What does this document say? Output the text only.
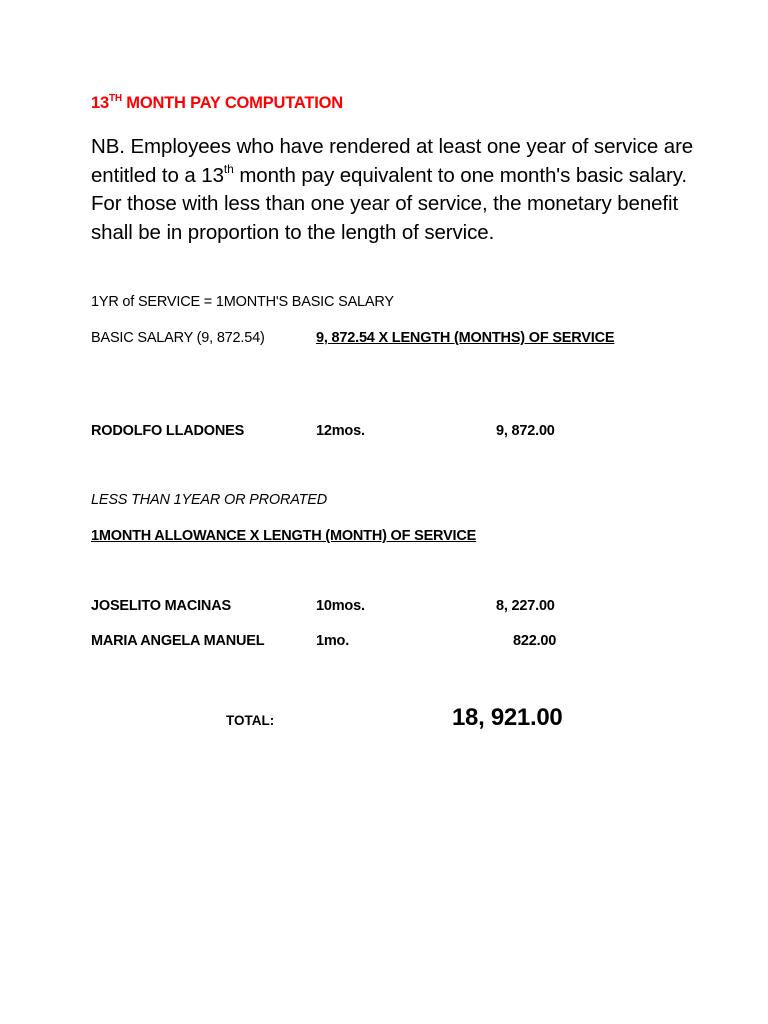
13TH MONTH PAY COMPUTATION
NB. Employees who have rendered at least one year of service are entitled to a 13th month pay equivalent to one month's basic salary. For those with less than one year of service, the monetary benefit shall be in proportion to the length of service.
1YR of SERVICE = 1MONTH'S BASIC SALARY
BASIC SALARY (9, 872.54)	9, 872.54 X LENGTH (MONTHS) OF SERVICE
RODOLFO LLADONES	12mos.	9, 872.00
LESS THAN 1YEAR OR PRORATED
1MONTH ALLOWANCE X LENGTH (MONTH) OF SERVICE
JOSELITO MACINAS	10mos.	8, 227.00
MARIA ANGELA MANUEL	1mo.	822.00
TOTAL:	18, 921.00
